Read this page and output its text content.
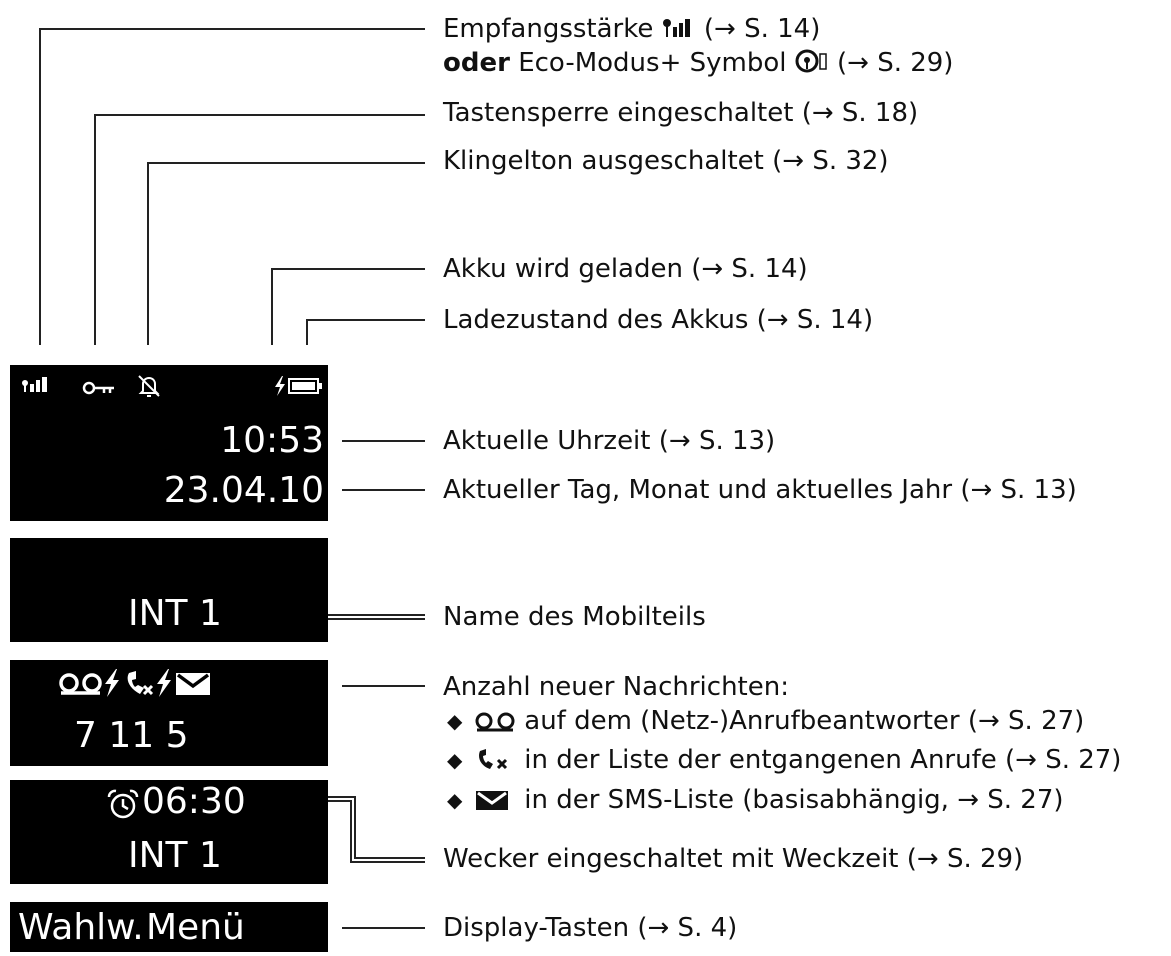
Empfangsstärke (→ S. 14)
oder Eco-Modus+ Symbol (→ S. 29)
Tastensperre eingeschaltet (→ S. 18)
Klingelton ausgeschaltet (→ S. 32)
Akku wird geladen (→ S. 14)
Ladezustand des Akkus (→ S. 14)
Aktuelle Uhrzeit (→ S. 13)
Aktueller Tag, Monat und aktuelles Jahr (→ S. 13)
Name des Mobilteils
Anzahl neuer Nachrichten:
◆	auf dem (Netz-)Anrufbeantworter (→ S. 27)
◆	in der Liste der entgangenen Anrufe (→ S. 27)
◆	in der SMS-Liste (basisabhängig, → S. 27)
Wecker eingeschaltet mit Weckzeit (→ S. 29)
Display-Tasten (→ S. 4)
10:53
23.04.10
INT 1
7 11 5
06:30
INT 1
Wahlw. Menü
